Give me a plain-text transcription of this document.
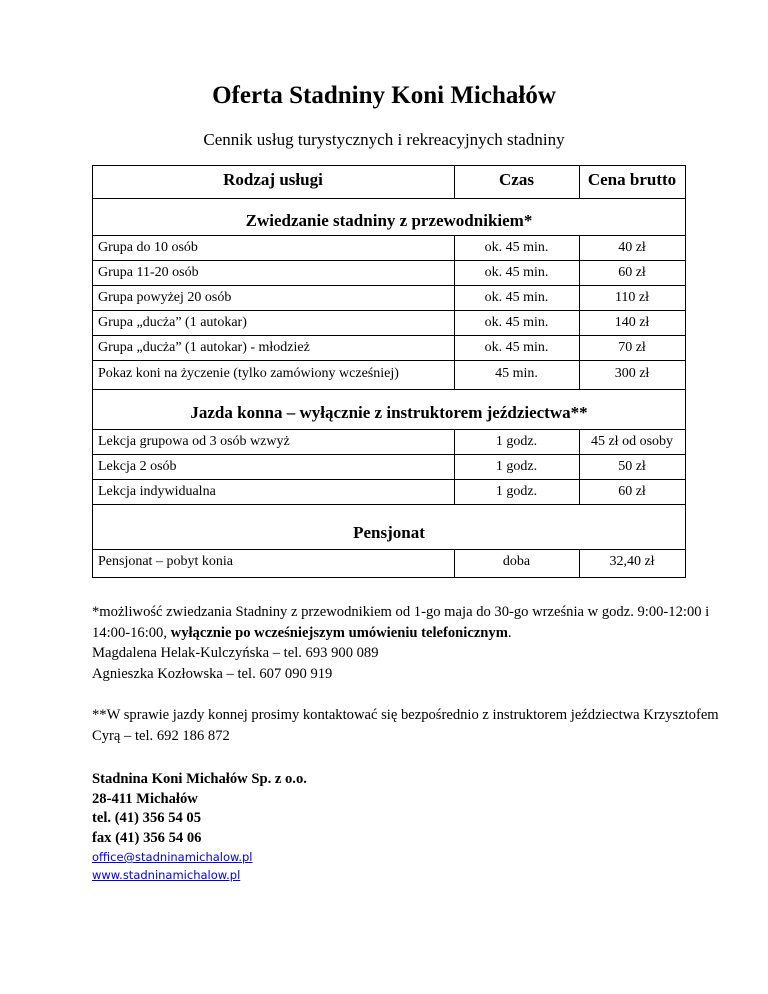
Oferta Stadniny Koni Michałów
Cennik usług turystycznych i rekreacyjnych stadniny
Rodzaj usługi	Czas	Cena brutto
Zwiedzanie stadniny z przewodnikiem*
Grupa do 10 osób	ok. 45 min.	40 zł
Grupa 11-20 osób	ok. 45 min.	60 zł
Grupa powyżej 20 osób	ok. 45 min.	110 zł
Grupa „ducża” (1 autokar)	ok. 45 min.	140 zł
Grupa „ducża” (1 autokar) - młodzież	ok. 45 min.	70 zł
Pokaz koni na życzenie (tylko zamówiony wcześniej)	45 min.	300 zł
Jazda konna – wyłącznie z instruktorem jeździectwa**
Lekcja grupowa od 3 osób wzwyż	1 godz.	45 zł od osoby
Lekcja 2 osób	1 godz.	50 zł
Lekcja indywidualna	1 godz.	60 zł
Pensjonat
Pensjonat – pobyt konia	doba	32,40 zł

*możliwość zwiedzania Stadniny z przewodnikiem od 1-go maja do 30-go września w godz. 9:00-12:00 i 14:00-16:00, wyłącznie po wcześniejszym umówieniu telefonicznym.

Magdalena Helak-Kulczyńska – tel. 693 900 089

Agnieszka Kozłowska – tel. 607 090 919

**W sprawie jazdy konnej prosimy kontaktować się bezpośrednio z instruktorem jeździectwa Krzysztofem Cyrą – tel. 692 186 872

Stadnina Koni Michałów Sp. z o.o.
28-411 Michałów
tel. (41) 356 54 05
fax (41) 356 54 06
office@stadninamichalow.pl
www.stadninamichalow.pl
